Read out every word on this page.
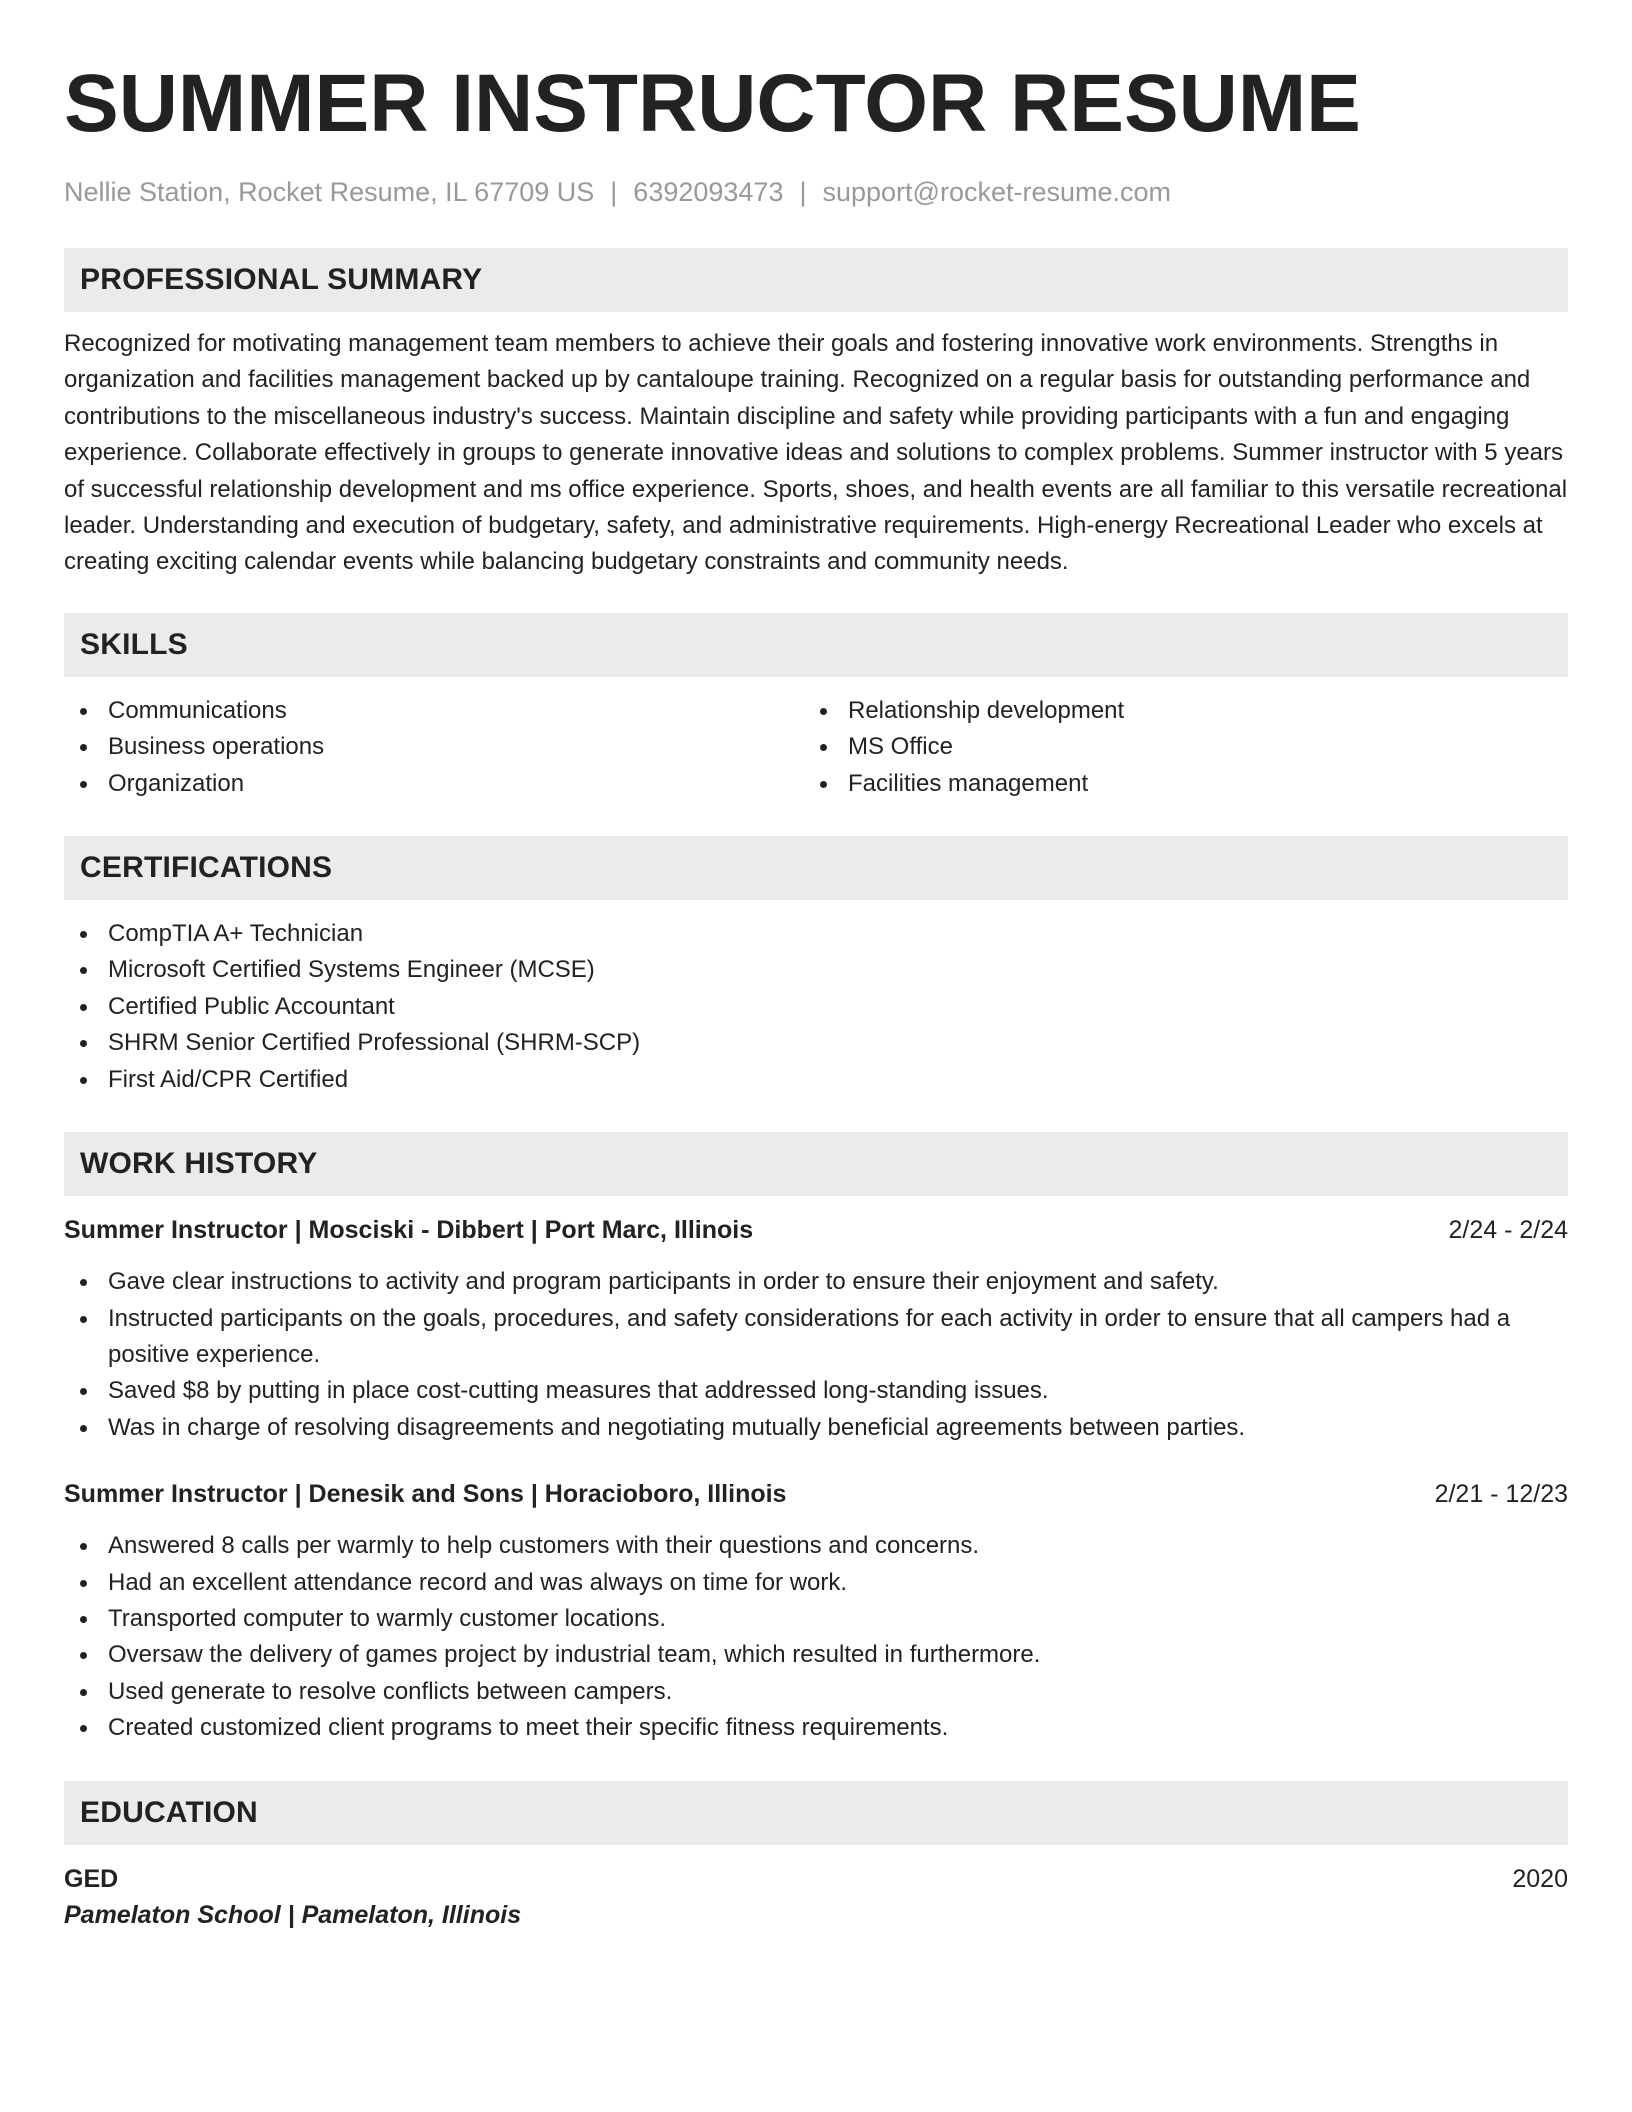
SUMMER INSTRUCTOR RESUME
Nellie Station, Rocket Resume, IL 67709 US | 6392093473 | support@rocket-resume.com
PROFESSIONAL SUMMARY

Recognized for motivating management team members to achieve their goals and fostering innovative work environments. Strengths in organization and facilities management backed up by cantaloupe training. Recognized on a regular basis for outstanding performance and contributions to the miscellaneous industry's success. Maintain discipline and safety while providing participants with a fun and engaging experience. Collaborate effectively in groups to generate innovative ideas and solutions to complex problems. Summer instructor with 5 years of successful relationship development and ms office experience. Sports, shoes, and health events are all familiar to this versatile recreational leader. Understanding and execution of budgetary, safety, and administrative requirements. High-energy Recreational Leader who excels at creating exciting calendar events while balancing budgetary constraints and community needs.

SKILLS
Communications
Business operations
Organization
Relationship development
MS Office
Facilities management
CERTIFICATIONS
CompTIA A+ Technician
Microsoft Certified Systems Engineer (MCSE)
Certified Public Accountant
SHRM Senior Certified Professional (SHRM-SCP)
First Aid/CPR Certified
WORK HISTORY
Summer Instructor | Mosciski - Dibbert | Port Marc, Illinois	2/24 - 2/24
Gave clear instructions to activity and program participants in order to ensure their enjoyment and safety.
Instructed participants on the goals, procedures, and safety considerations for each activity in order to ensure that all campers had a positive experience.
Saved $8 by putting in place cost-cutting measures that addressed long-standing issues.
Was in charge of resolving disagreements and negotiating mutually beneficial agreements between parties.
Summer Instructor | Denesik and Sons | Horacioboro, Illinois	2/21 - 12/23
Answered 8 calls per warmly to help customers with their questions and concerns.
Had an excellent attendance record and was always on time for work.
Transported computer to warmly customer locations.
Oversaw the delivery of games project by industrial team, which resulted in furthermore.
Used generate to resolve conflicts between campers.
Created customized client programs to meet their specific fitness requirements.
EDUCATION
GED	2020
Pamelaton School | Pamelaton, Illinois
